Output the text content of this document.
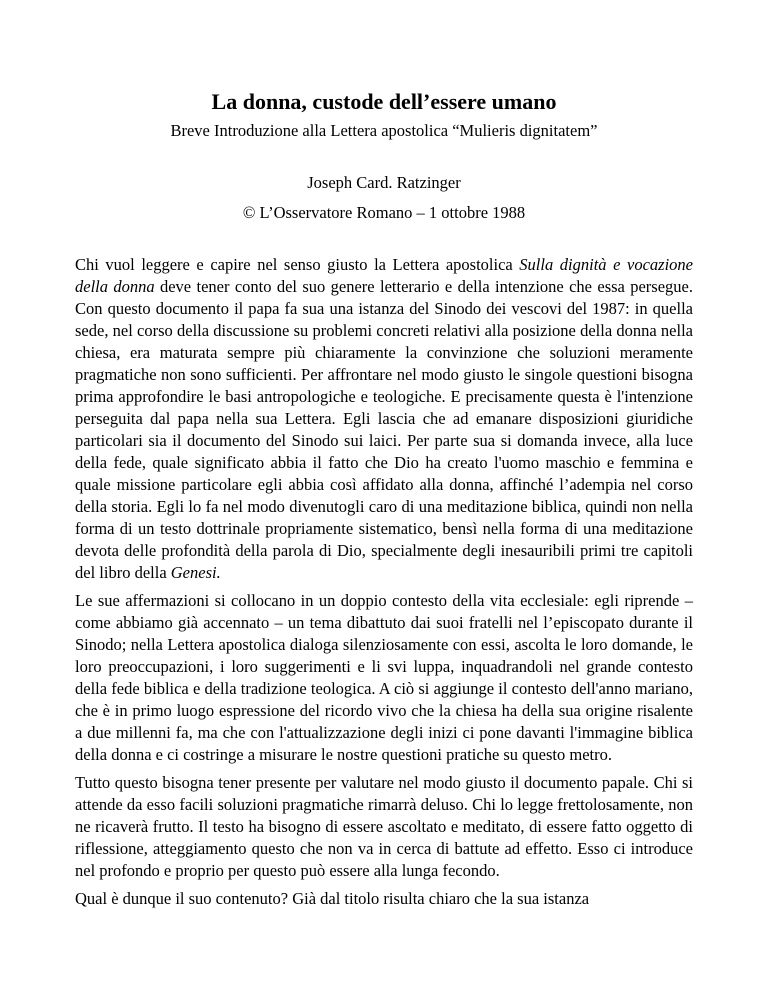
La donna, custode dell’essere umano

Breve Introduzione alla Lettera apostolica “Mulieris dignitatem”

Joseph Card. Ratzinger

© L’Osservatore Romano – 1 ottobre 1988

Chi vuol leggere e capire nel senso giusto la Lettera apostolica Sulla dignità e vocazione della donna deve tener conto del suo genere letterario e della intenzione che essa persegue. Con questo documento il papa fa sua una istanza del Sinodo dei vescovi del 1987: in quella sede, nel corso della discussione su problemi concreti relativi alla posizione della donna nella chiesa, era maturata sempre più chiaramente la convinzione che soluzioni meramente pragmatiche non sono sufficienti. Per affrontare nel modo giusto le singole questioni bisogna prima approfondire le basi antropologiche e teologiche. E precisamente questa è l'intenzione perseguita dal papa nella sua Lettera. Egli lascia che ad emanare disposizioni giuridiche particolari sia il documento del Sinodo sui laici. Per parte sua si domanda invece, alla luce della fede, quale significato abbia il fatto che Dio ha creato l'uomo maschio e femmina e quale missione particolare egli abbia così affidato alla donna, affinché l’adempia nel corso della storia. Egli lo fa nel modo divenutogli caro di una meditazione biblica, quindi non nella forma di un testo dottrinale propriamente sistematico, bensì nella forma di una meditazione devota delle profondità della parola di Dio, specialmente degli inesauribili primi tre capitoli del libro della Genesi.

Le sue affermazioni si collocano in un doppio contesto della vita ecclesiale: egli riprende – come abbiamo già accennato – un tema dibattuto dai suoi fratelli nel l’episcopato durante il Sinodo; nella Lettera apostolica dialoga silenziosamente con essi, ascolta le loro domande, le loro preoccupazioni, i loro suggerimenti e li svi luppa, inquadrandoli nel grande contesto della fede biblica e della tradizione teologica. A ciò si aggiunge il contesto dell'anno mariano, che è in primo luogo espressione del ricordo vivo che la chiesa ha della sua origine risalente a due millenni fa, ma che con l'attualizzazione degli inizi ci pone davanti l'immagine biblica della donna e ci costringe a misurare le nostre questioni pratiche su questo metro.

Tutto questo bisogna tener presente per valutare nel modo giusto il documento papale. Chi si attende da esso facili soluzioni pragmatiche rimarrà deluso. Chi lo legge frettolosamente, non ne ricaverà frutto. Il testo ha bisogno di essere ascoltato e meditato, di essere fatto oggetto di riflessione, atteggiamento questo che non va in cerca di battute ad effetto. Esso ci introduce nel profondo e proprio per questo può essere alla lunga fecondo.

Qual è dunque il suo contenuto? Già dal titolo risulta chiaro che la sua istanza
